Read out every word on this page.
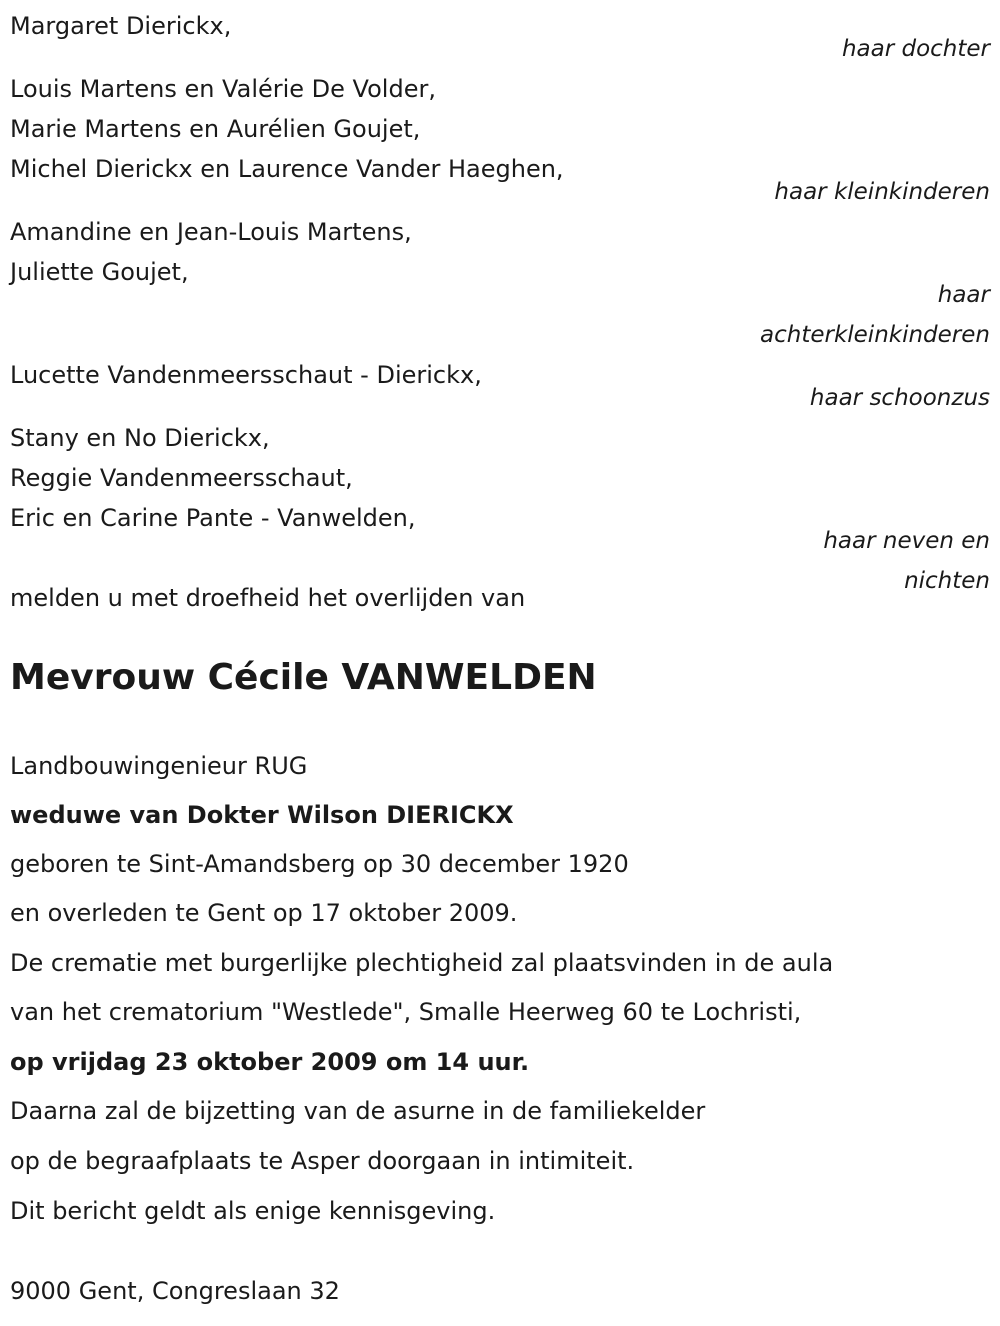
Margaret Dierickx,
haar dochter
Louis Martens en Valérie De Volder,
Marie Martens en Aurélien Goujet,
Michel Dierickx en Laurence Vander Haeghen,
haar kleinkinderen
Amandine en Jean-Louis Martens,
Juliette Goujet,
haar
achterkleinkinderen
Lucette Vandenmeersschaut - Dierickx,
haar schoonzus
Stany en No Dierickx,
Reggie Vandenmeersschaut,
Eric en Carine Pante - Vanwelden,
haar neven en
nichten
melden u met droefheid het overlijden van
Mevrouw Cécile VANWELDEN
Landbouwingenieur RUG
weduwe van Dokter Wilson DIERICKX
geboren te Sint-Amandsberg op 30 december 1920
en overleden te Gent op 17 oktober 2009.
De crematie met burgerlijke plechtigheid zal plaatsvinden in de aula
van het crematorium "Westlede", Smalle Heerweg 60 te Lochristi,
op vrijdag 23 oktober 2009 om 14 uur.
Daarna zal de bijzetting van de asurne in de familiekelder
op de begraafplaats te Asper doorgaan in intimiteit.
Dit bericht geldt als enige kennisgeving.
9000 Gent, Congreslaan 32
